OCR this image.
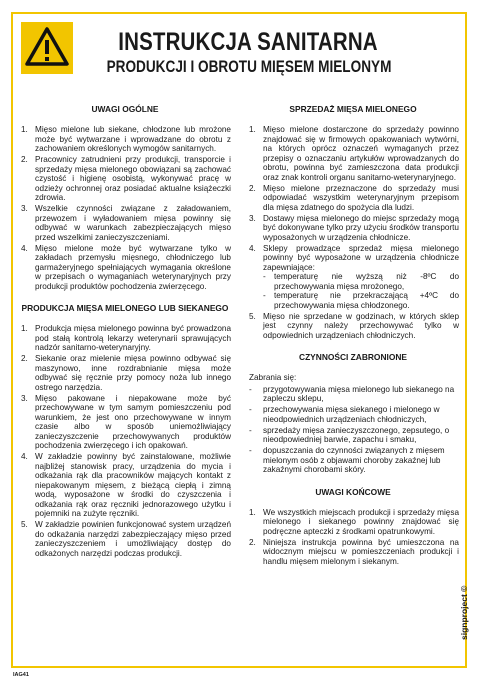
INSTRUKCJA SANITARNA
PRODUKCJI I OBROTU MIĘSEM MIELONYM
UWAGI OGÓLNE
1. Mięso mielone lub siekane, chłodzone lub mrożone może być wytwarzane i wprowadzane do obrotu z zachowaniem określonych wymogów sanitarnych.
2. Pracownicy zatrudnieni przy produkcji, transporcie i sprzedaży mięsa mielonego obowiązani są zachować czystość i higienę osobistą, wykonywać pracę w odzieży ochronnej oraz posiadać aktualne książeczki zdrowia.
3. Wszelkie czynności związane z załadowaniem, przewozem i wyładowaniem mięsa powinny się odbywać w warunkach zabezpieczających mięso przed wszelkimi zanieczyszczeniami.
4. Mięso mielone może być wytwarzane tylko w zakładach przemysłu mięsnego, chłodniczego lub garmażeryjnego spełniających wymagania określone w przepisach o wymaganiach weterynaryjnych przy produkcji produktów pochodzenia zwierzęcego.
PRODUKCJA MIĘSA MIELONEGO LUB SIEKANEGO
1. Produkcja mięsa mielonego powinna być prowadzona pod stałą kontrolą lekarzy weterynarii sprawujących nadzór sanitarno-weterynaryjny.
2. Siekanie oraz mielenie mięsa powinno odbywać się maszynowo, inne rozdrabnianie mięsa może odbywać się ręcznie przy pomocy noża lub innego ostrego narzędzia.
3. Mięso pakowane i niepakowane może być przechowywane w tym samym pomieszczeniu pod warunkiem, że jest ono przechowywane w innym czasie albo w sposób uniemożliwiający zanieczyszczenie przechowywanych produktów pochodzenia zwierzęcego i ich opakowań.
4. W zakładzie powinny być zainstalowane, możliwie najbliżej stanowisk pracy, urządzenia do mycia i odkażania rąk dla pracowników mających kontakt z niepakowanym mięsem, z bieżącą ciepłą i zimną wodą, wyposażone w środki do czyszczenia i odkażania rąk oraz ręczniki jednorazowego użytku i pojemniki na zużyte ręczniki.
5. W zakładzie powinien funkcjonować system urządzeń do odkażania narzędzi zabezpieczający mięso przed zanieczyszczeniem i umożliwiający dostęp do odkażonych narzędzi podczas produkcji.
SPRZEDAŻ MIĘSA MIELONEGO
1. Mięso mielone dostarczone do sprzedaży powinno znajdować się w firmowych opakowaniach wytwórni, na których oprócz oznaczeń wymaganych przez przepisy o oznaczaniu artykułów wprowadzanych do obrotu, powinna być zamieszczona data produkcji oraz znak kontroli organu sanitarno-weterynaryjnego.
2. Mięso mielone przeznaczone do sprzedaży musi odpowiadać wszystkim weterynaryjnym przepisom dla mięsa zdatnego do spożycia dla ludzi.
3. Dostawy mięsa mielonego do miejsc sprzedaży mogą być dokonywane tylko przy użyciu środków transportu wyposażonych w urządzenia chłodnicze.
4. Sklepy prowadzące sprzedaż mięsa mielonego powinny być wyposażone w urządzenia chłodnicze zapewniające:
- temperaturę nie wyższą niż -8ºC do przechowywania mięsa mrożonego,
- temperaturę nie przekraczającą +4ºC do przechowywania mięsa chłodzonego.
5. Mięso nie sprzedane w godzinach, w których sklep jest czynny należy przechowywać tylko w odpowiednich urządzeniach chłodniczych.
CZYNNOŚCI ZABRONIONE
Zabrania się:
- przygotowywania mięsa mielonego lub siekanego na zapleczu sklepu,
- przechowywania mięsa siekanego i mielonego w nieodpowiednich urządzeniach chłodniczych,
- sprzedaży mięsa zanieczyszczonego, zepsutego, o nieodpowiedniej barwie, zapachu i smaku,
- dopuszczania do czynności związanych z mięsem mielonym osób z objawami choroby zakaźnej lub zakaźnymi chorobami skóry.
UWAGI KOŃCOWE
1. We wszystkich miejscach produkcji i sprzedaży mięsa mielonego i siekanego powinny znajdować się podręczne apteczki z środkami opatrunkowymi.
2. Niniejsza instrukcja powinna być umieszczona na widocznym miejscu w pomieszczeniach produkcji i handlu mięsem mielonym i siekanym.
IAG41
signproject ©
